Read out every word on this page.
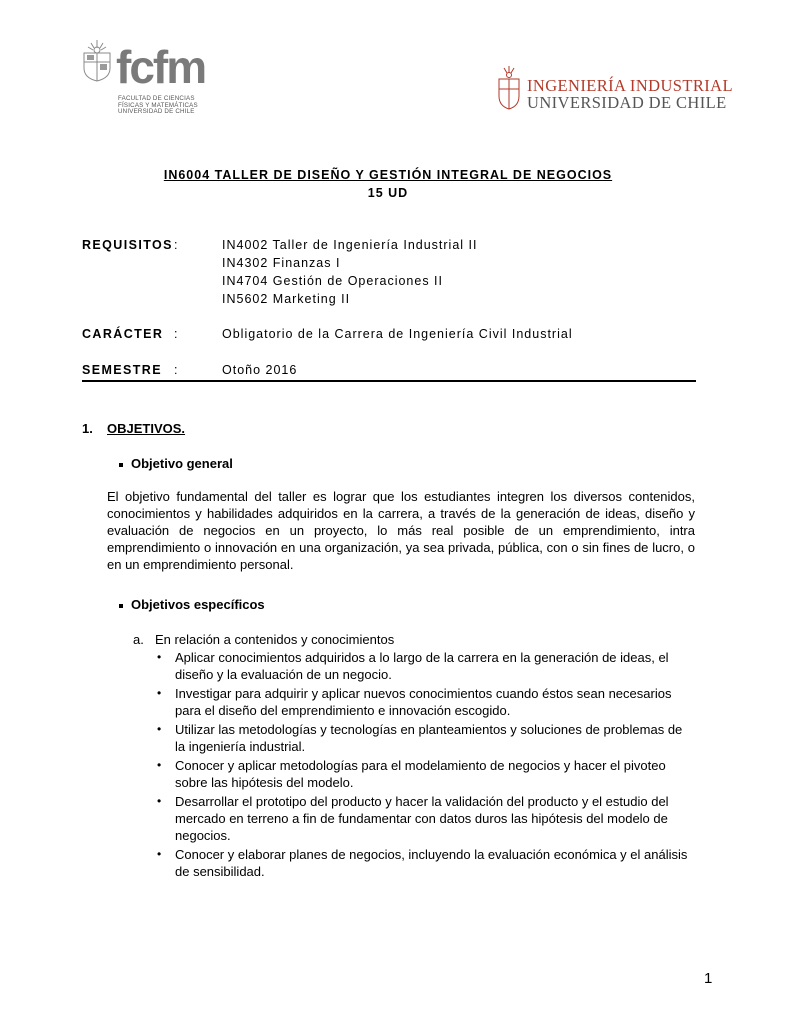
fcfm
FACULTAD DE CIENCIAS
FÍSICAS Y MATEMÁTICAS
UNIVERSIDAD DE CHILE
INGENIERÍA INDUSTRIAL
UNIVERSIDAD DE CHILE
IN6004 TALLER DE DISEÑO Y GESTIÓN INTEGRAL DE NEGOCIOS
15 UD
REQUISITOS :	IN4002 Taller de Ingeniería Industrial II
IN4302 Finanzas I
IN4704 Gestión de Operaciones II
IN5602 Marketing II
CARÁCTER :	Obligatorio de la Carrera de Ingeniería Civil Industrial
SEMESTRE :	Otoño 2016
1. OBJETIVOS.
Objetivo general
El objetivo fundamental del taller es lograr que los estudiantes integren los diversos contenidos, conocimientos y habilidades adquiridos en la carrera, a través de la generación de ideas, diseño y evaluación de negocios en un proyecto, lo más real posible de un emprendimiento, intra emprendimiento o innovación en una organización, ya sea privada, pública, con o sin fines de lucro, o en un emprendimiento personal.
Objetivos específicos
a. En relación a contenidos y conocimientos
• Aplicar conocimientos adquiridos a lo largo de la carrera en la generación de ideas, el diseño y la evaluación de un negocio.
• Investigar para adquirir y aplicar nuevos conocimientos cuando éstos sean necesarios para el diseño del emprendimiento e innovación escogido.
• Utilizar las metodologías y tecnologías en planteamientos y soluciones de problemas de la ingeniería industrial.
• Conocer y aplicar metodologías para el modelamiento de negocios y hacer el pivoteo sobre las hipótesis del modelo.
• Desarrollar el prototipo del producto y hacer la validación del producto y el estudio del mercado en terreno a fin de fundamentar con datos duros las hipótesis del modelo de negocios.
• Conocer y elaborar planes de negocios, incluyendo la evaluación económica y el análisis de sensibilidad.
1
